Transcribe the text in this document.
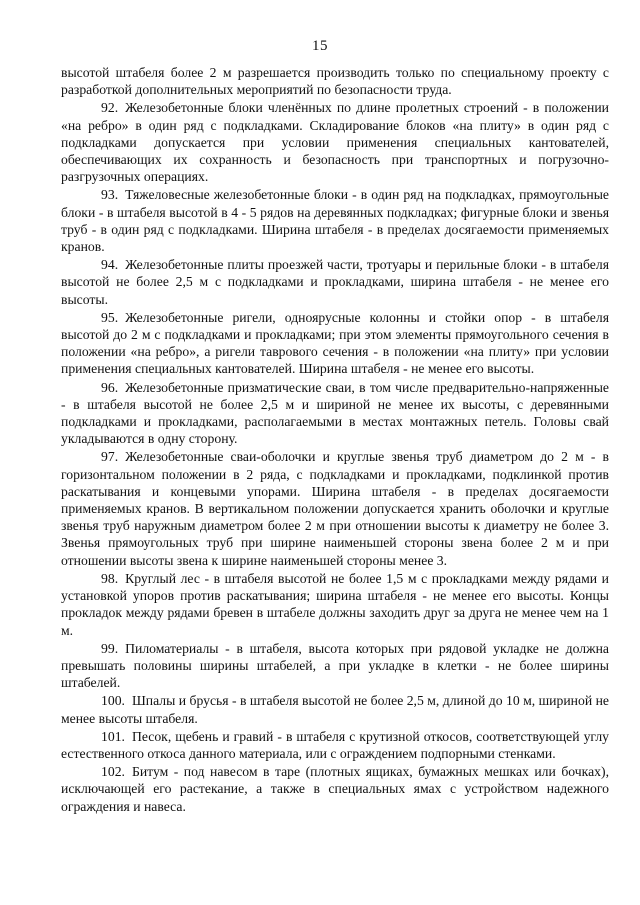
15

высотой штабеля более 2 м разрешается производить только по специальному проекту с разработкой дополнительных мероприятий по безопасности труда.

92. Железобетонные блоки членённых по длине пролетных строений - в положении «на ребро» в один ряд с подкладками. Складирование блоков «на плиту» в один ряд с подкладками допускается при условии применения специальных кантователей, обеспечивающих их сохранность и безопасность при транспортных и погрузочно-разгрузочных операциях.

93. Тяжеловесные железобетонные блоки - в один ряд на подкладках, прямоугольные блоки - в штабеля высотой в 4 - 5 рядов на деревянных подкладках; фигурные блоки и звенья труб - в один ряд с подкладками. Ширина штабеля - в пределах досягаемости применяемых кранов.

94. Железобетонные плиты проезжей части, тротуары и перильные блоки - в штабеля высотой не более 2,5 м с подкладками и прокладками, ширина штабеля - не менее его высоты.

95. Железобетонные ригели, одноярусные колонны и стойки опор - в штабеля высотой до 2 м с подкладками и прокладками; при этом элементы прямоугольного сечения в положении «на ребро», а ригели таврового сечения - в положении «на плиту» при условии применения специальных кантователей. Ширина штабеля - не менее его высоты.

96. Железобетонные призматические сваи, в том числе предварительно-напряженные - в штабеля высотой не более 2,5 м и шириной не менее их высоты, с деревянными подкладками и прокладками, располагаемыми в местах монтажных петель. Головы свай укладываются в одну сторону.

97. Железобетонные сваи-оболочки и круглые звенья труб диаметром до 2 м - в горизонтальном положении в 2 ряда, с подкладками и прокладками, подклинкой против раскатывания и концевыми упорами. Ширина штабеля - в пределах досягаемости применяемых кранов. В вертикальном положении допускается хранить оболочки и круглые звенья труб наружным диаметром более 2 м при отношении высоты к диаметру не более 3. Звенья прямоугольных труб при ширине наименьшей стороны звена более 2 м и при отношении высоты звена к ширине наименьшей стороны менее 3.

98. Круглый лес - в штабеля высотой не более 1,5 м с прокладками между рядами и установкой упоров против раскатывания; ширина штабеля - не менее его высоты. Концы прокладок между рядами бревен в штабеле должны заходить друг за друга не менее чем на 1 м.

99. Пиломатериалы - в штабеля, высота которых при рядовой укладке не должна превышать половины ширины штабелей, а при укладке в клетки - не более ширины штабелей.

100. Шпалы и брусья - в штабеля высотой не более 2,5 м, длиной до 10 м, шириной не менее высоты штабеля.

101. Песок, щебень и гравий - в штабеля с крутизной откосов, соответствующей углу естественного откоса данного материала, или с ограждением подпорными стенками.

102. Битум - под навесом в таре (плотных ящиках, бумажных мешках или бочках), исключающей его растекание, а также в специальных ямах с устройством надежного ограждения и навеса.
